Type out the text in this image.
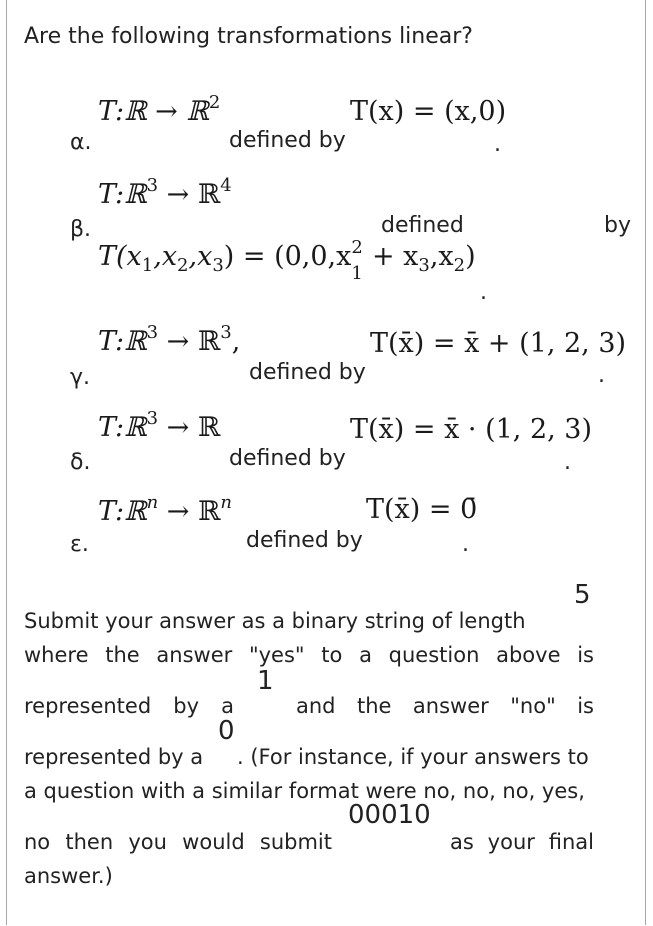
Are the following transformations linear?
α.
T:ℝ → ℝ$^2$
defined by
T(x) = (x,0)
.
β.
T:ℝ$^3$ → ℝ$^4$
defined	by
$T(x_1,x_2,x_3) = (0,0,x$ 2
1
+ $x_3,x_2$)
.
γ.
T:ℝ$^3$ → ℝ$^3$,
defined by
T(x̄) = x̄ + (1, 2, 3)
.
δ.
T:ℝ$^3$ → ℝ
defined by
T(x̄) = x̄ · (1, 2, 3)
.
ε.
T:ℝ$^n$ → ℝ$^n$
defined by
T(x̄) = 0̄
.
5
Submit your answer as a binary string of length
where the answer "yes" to a question above is
1
represented by a	and the answer "no" is
0
represented by a . (For instance, if your answers to
a question with a similar format were no, no, no, yes,
00010
no then you would submit	as your final
answer.)
